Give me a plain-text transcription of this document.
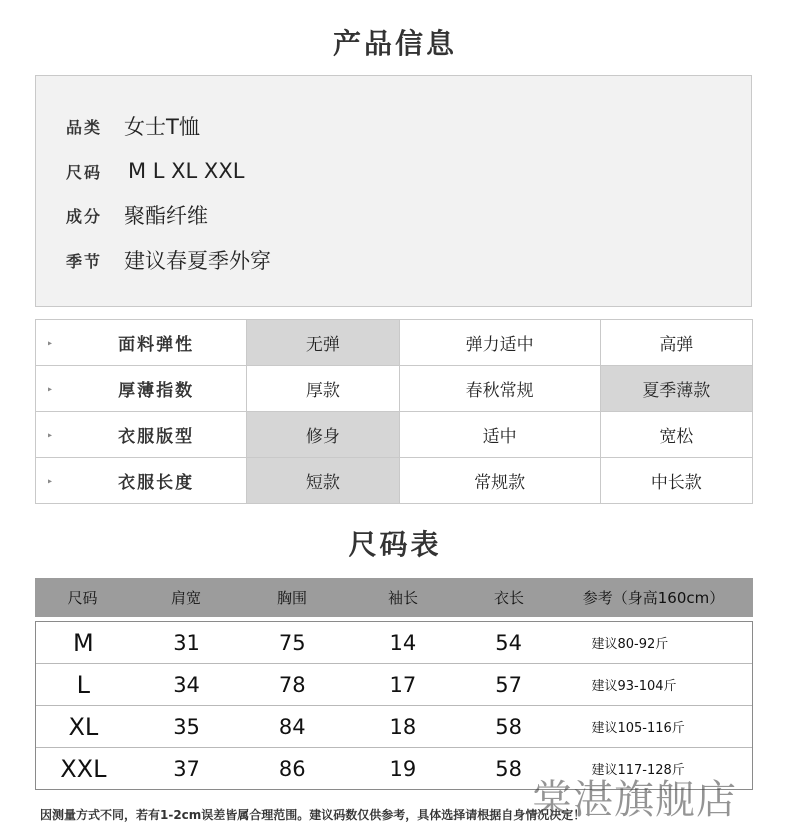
产品信息
品类	女士T恤
尺码	M L XL XXL
成分	聚酯纤维
季节	建议春夏季外穿
▸ 面料弹性	无弹	弹力适中	高弹

▸ 厚薄指数	厚款	春秋常规	夏季薄款

▸ 衣服版型	修身	适中	宽松

▸ 衣服长度	短款	常规款	中长款
尺码表
尺码	肩宽	胸围	袖长	衣长	参考（身高160cm）
M	31	75	14	54	建议80-92斤
L	34	78	17	57	建议93-104斤
XL	35	84	18	58	建议105-116斤
XXL	37	86	19	58	建议117-128斤
因测量方式不同，若有1-2cm误差皆属合理范围。建议码数仅供参考，具体选择请根据自身情况决定！
棠湛旗舰店
